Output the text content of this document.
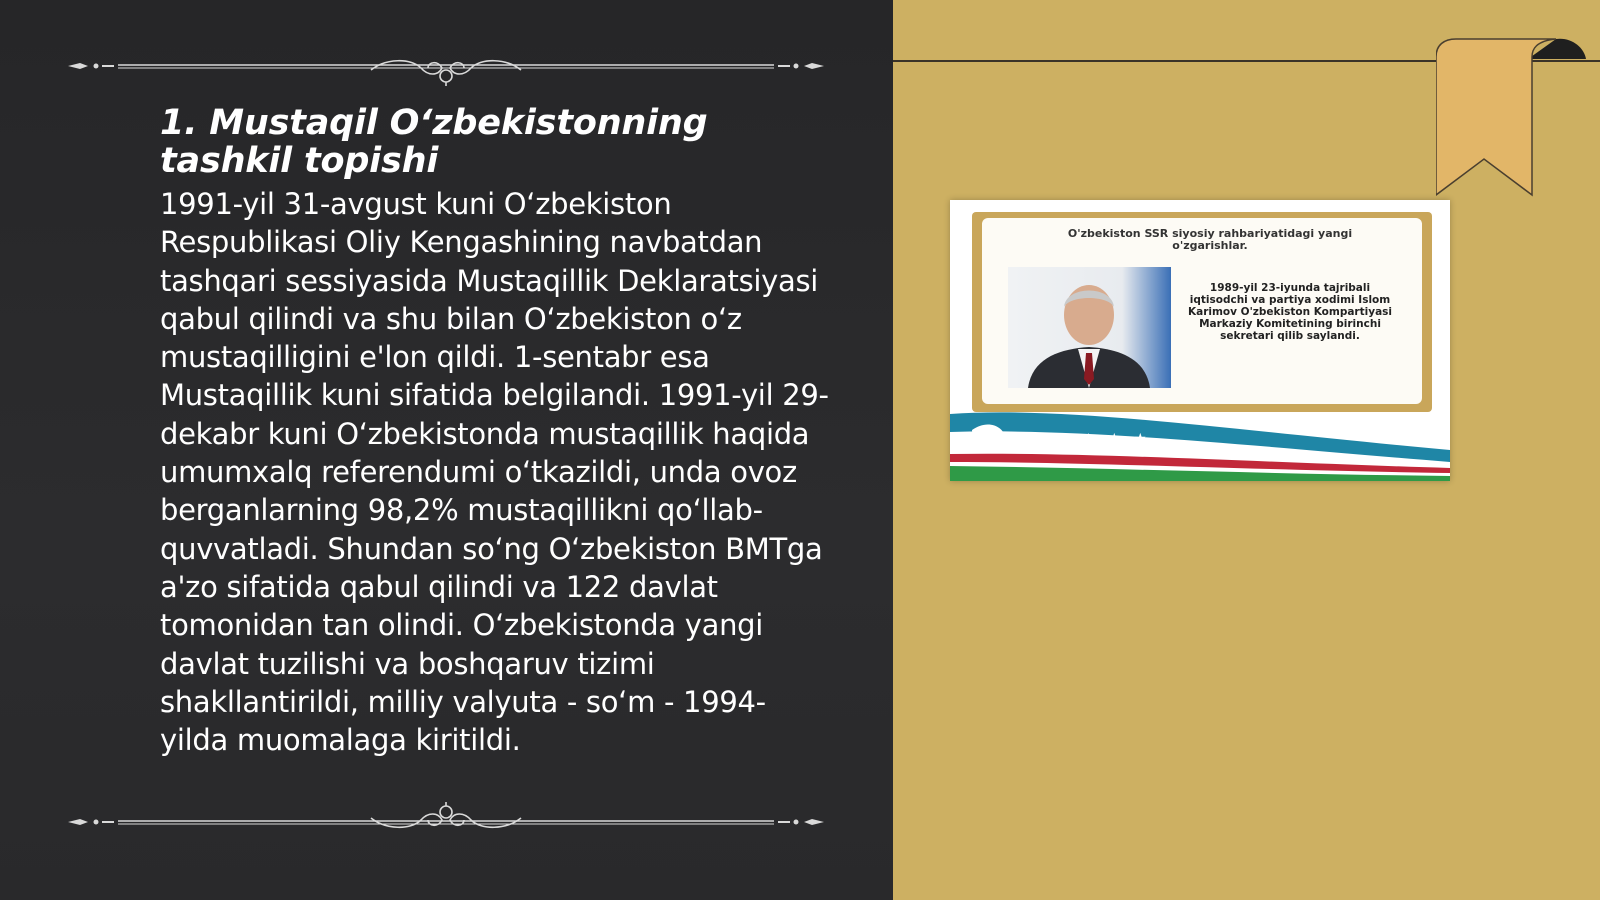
1. Mustaqil O‘zbekistonning tashkil topishi

1991-yil 31-avgust kuni O‘zbekiston Respublikasi Oliy Kengashining navbatdan tashqari sessiyasida Mustaqillik Deklaratsiyasi qabul qilindi va shu bilan O‘zbekiston o‘z mustaqilligini e'lon qildi. 1-sentabr esa Mustaqillik kuni sifatida belgilandi. 1991-yil 29-dekabr kuni O‘zbekistonda mustaqillik haqida umumxalq referendumi o‘tkazildi, unda ovoz berganlarning 98,2% mustaqillikni qo‘llab-quvvatladi. Shundan so‘ng O‘zbekiston BMTga a'zo sifatida qabul qilindi va 122 davlat tomonidan tan olindi. O‘zbekistonda yangi davlat tuzilishi va boshqaruv tizimi shakllantirildi, milliy valyuta - so‘m - 1994-yilda muomalaga kiritildi.

O'zbekiston SSR siyosiy rahbariyatidagi yangi o'zgarishlar.

1989-yil 23-iyunda tajribali iqtisodchi va partiya xodimi Islom Karimov O'zbekiston Kompartiyasi Markaziy Komitetining birinchi sekretari qilib saylandi.

★ ★ ★ ★ ★
